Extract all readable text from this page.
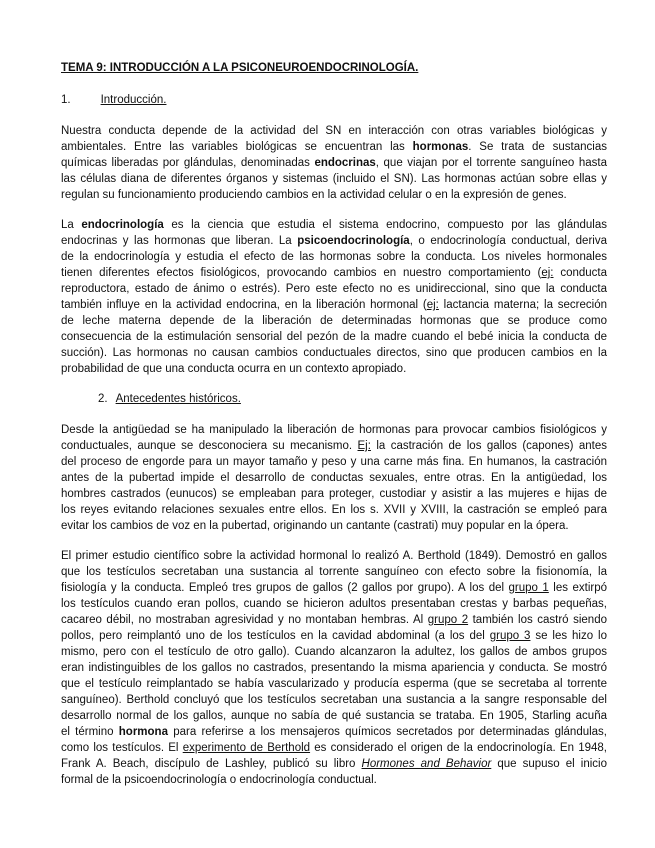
TEMA 9: INTRODUCCIÓN A LA PSICONEUROENDOCRINOLOGÍA.
1.	Introducción.
Nuestra conducta depende de la actividad del SN en interacción con otras variables biológicas y
ambientales. Entre las variables biológicas se encuentran las hormonas. Se trata de sustancias
químicas liberadas por glándulas, denominadas endocrinas, que viajan por el torrente sanguíneo hasta
las células diana de diferentes órganos y sistemas (incluido el SN). Las hormonas actúan sobre ellas y
regulan su funcionamiento produciendo cambios en la actividad celular o en la expresión de genes.
La endocrinología es la ciencia que estudia el sistema endocrino, compuesto por las glándulas
endocrinas y las hormonas que liberan. La psicoendocrinología, o endocrinología conductual, deriva
de la endocrinología y estudia el efecto de las hormonas sobre la conducta. Los niveles hormonales
tienen diferentes efectos fisiológicos, provocando cambios en nuestro comportamiento (ej: conducta
reproductora, estado de ánimo o estrés). Pero este efecto no es unidireccional, sino que la conducta
también influye en la actividad endocrina, en la liberación hormonal (ej: lactancia materna; la secreción
de leche materna depende de la liberación de determinadas hormonas que se produce como
consecuencia de la estimulación sensorial del pezón de la madre cuando el bebé inicia la conducta de
succión). Las hormonas no causan cambios conductuales directos, sino que producen cambios en la
probabilidad de que una conducta ocurra en un contexto apropiado.
2. Antecedentes históricos.
Desde la antigüedad se ha manipulado la liberación de hormonas para provocar cambios fisiológicos y
conductuales, aunque se desconociera su mecanismo. Ej: la castración de los gallos (capones) antes
del proceso de engorde para un mayor tamaño y peso y una carne más fina. En humanos, la castración
antes de la pubertad impide el desarrollo de conductas sexuales, entre otras. En la antigüedad, los
hombres castrados (eunucos) se empleaban para proteger, custodiar y asistir a las mujeres e hijas de
los reyes evitando relaciones sexuales entre ellos. En los s. XVII y XVIII, la castración se empleó para
evitar los cambios de voz en la pubertad, originando un cantante (castrati) muy popular en la ópera.
El primer estudio científico sobre la actividad hormonal lo realizó A. Berthold (1849). Demostró en gallos
que los testículos secretaban una sustancia al torrente sanguíneo con efecto sobre la fisionomía, la
fisiología y la conducta. Empleó tres grupos de gallos (2 gallos por grupo). A los del grupo 1 les extirpó
los testículos cuando eran pollos, cuando se hicieron adultos presentaban crestas y barbas pequeñas,
cacareo débil, no mostraban agresividad y no montaban hembras. Al grupo 2 también los castró siendo
pollos, pero reimplantó uno de los testículos en la cavidad abdominal (a los del grupo 3 se les hizo lo
mismo, pero con el testículo de otro gallo). Cuando alcanzaron la adultez, los gallos de ambos grupos
eran indistinguibles de los gallos no castrados, presentando la misma apariencia y conducta. Se mostró
que el testículo reimplantado se había vascularizado y producía esperma (que se secretaba al torrente
sanguíneo). Berthold concluyó que los testículos secretaban una sustancia a la sangre responsable del
desarrollo normal de los gallos, aunque no sabía de qué sustancia se trataba. En 1905, Starling acuña
el término hormona para referirse a los mensajeros químicos secretados por determinadas glándulas,
como los testículos. El experimento de Berthold es considerado el origen de la endocrinología. En 1948,
Frank A. Beach, discípulo de Lashley, publicó su libro Hormones and Behavior que supuso el inicio
formal de la psicoendocrinología o endocrinología conductual.
